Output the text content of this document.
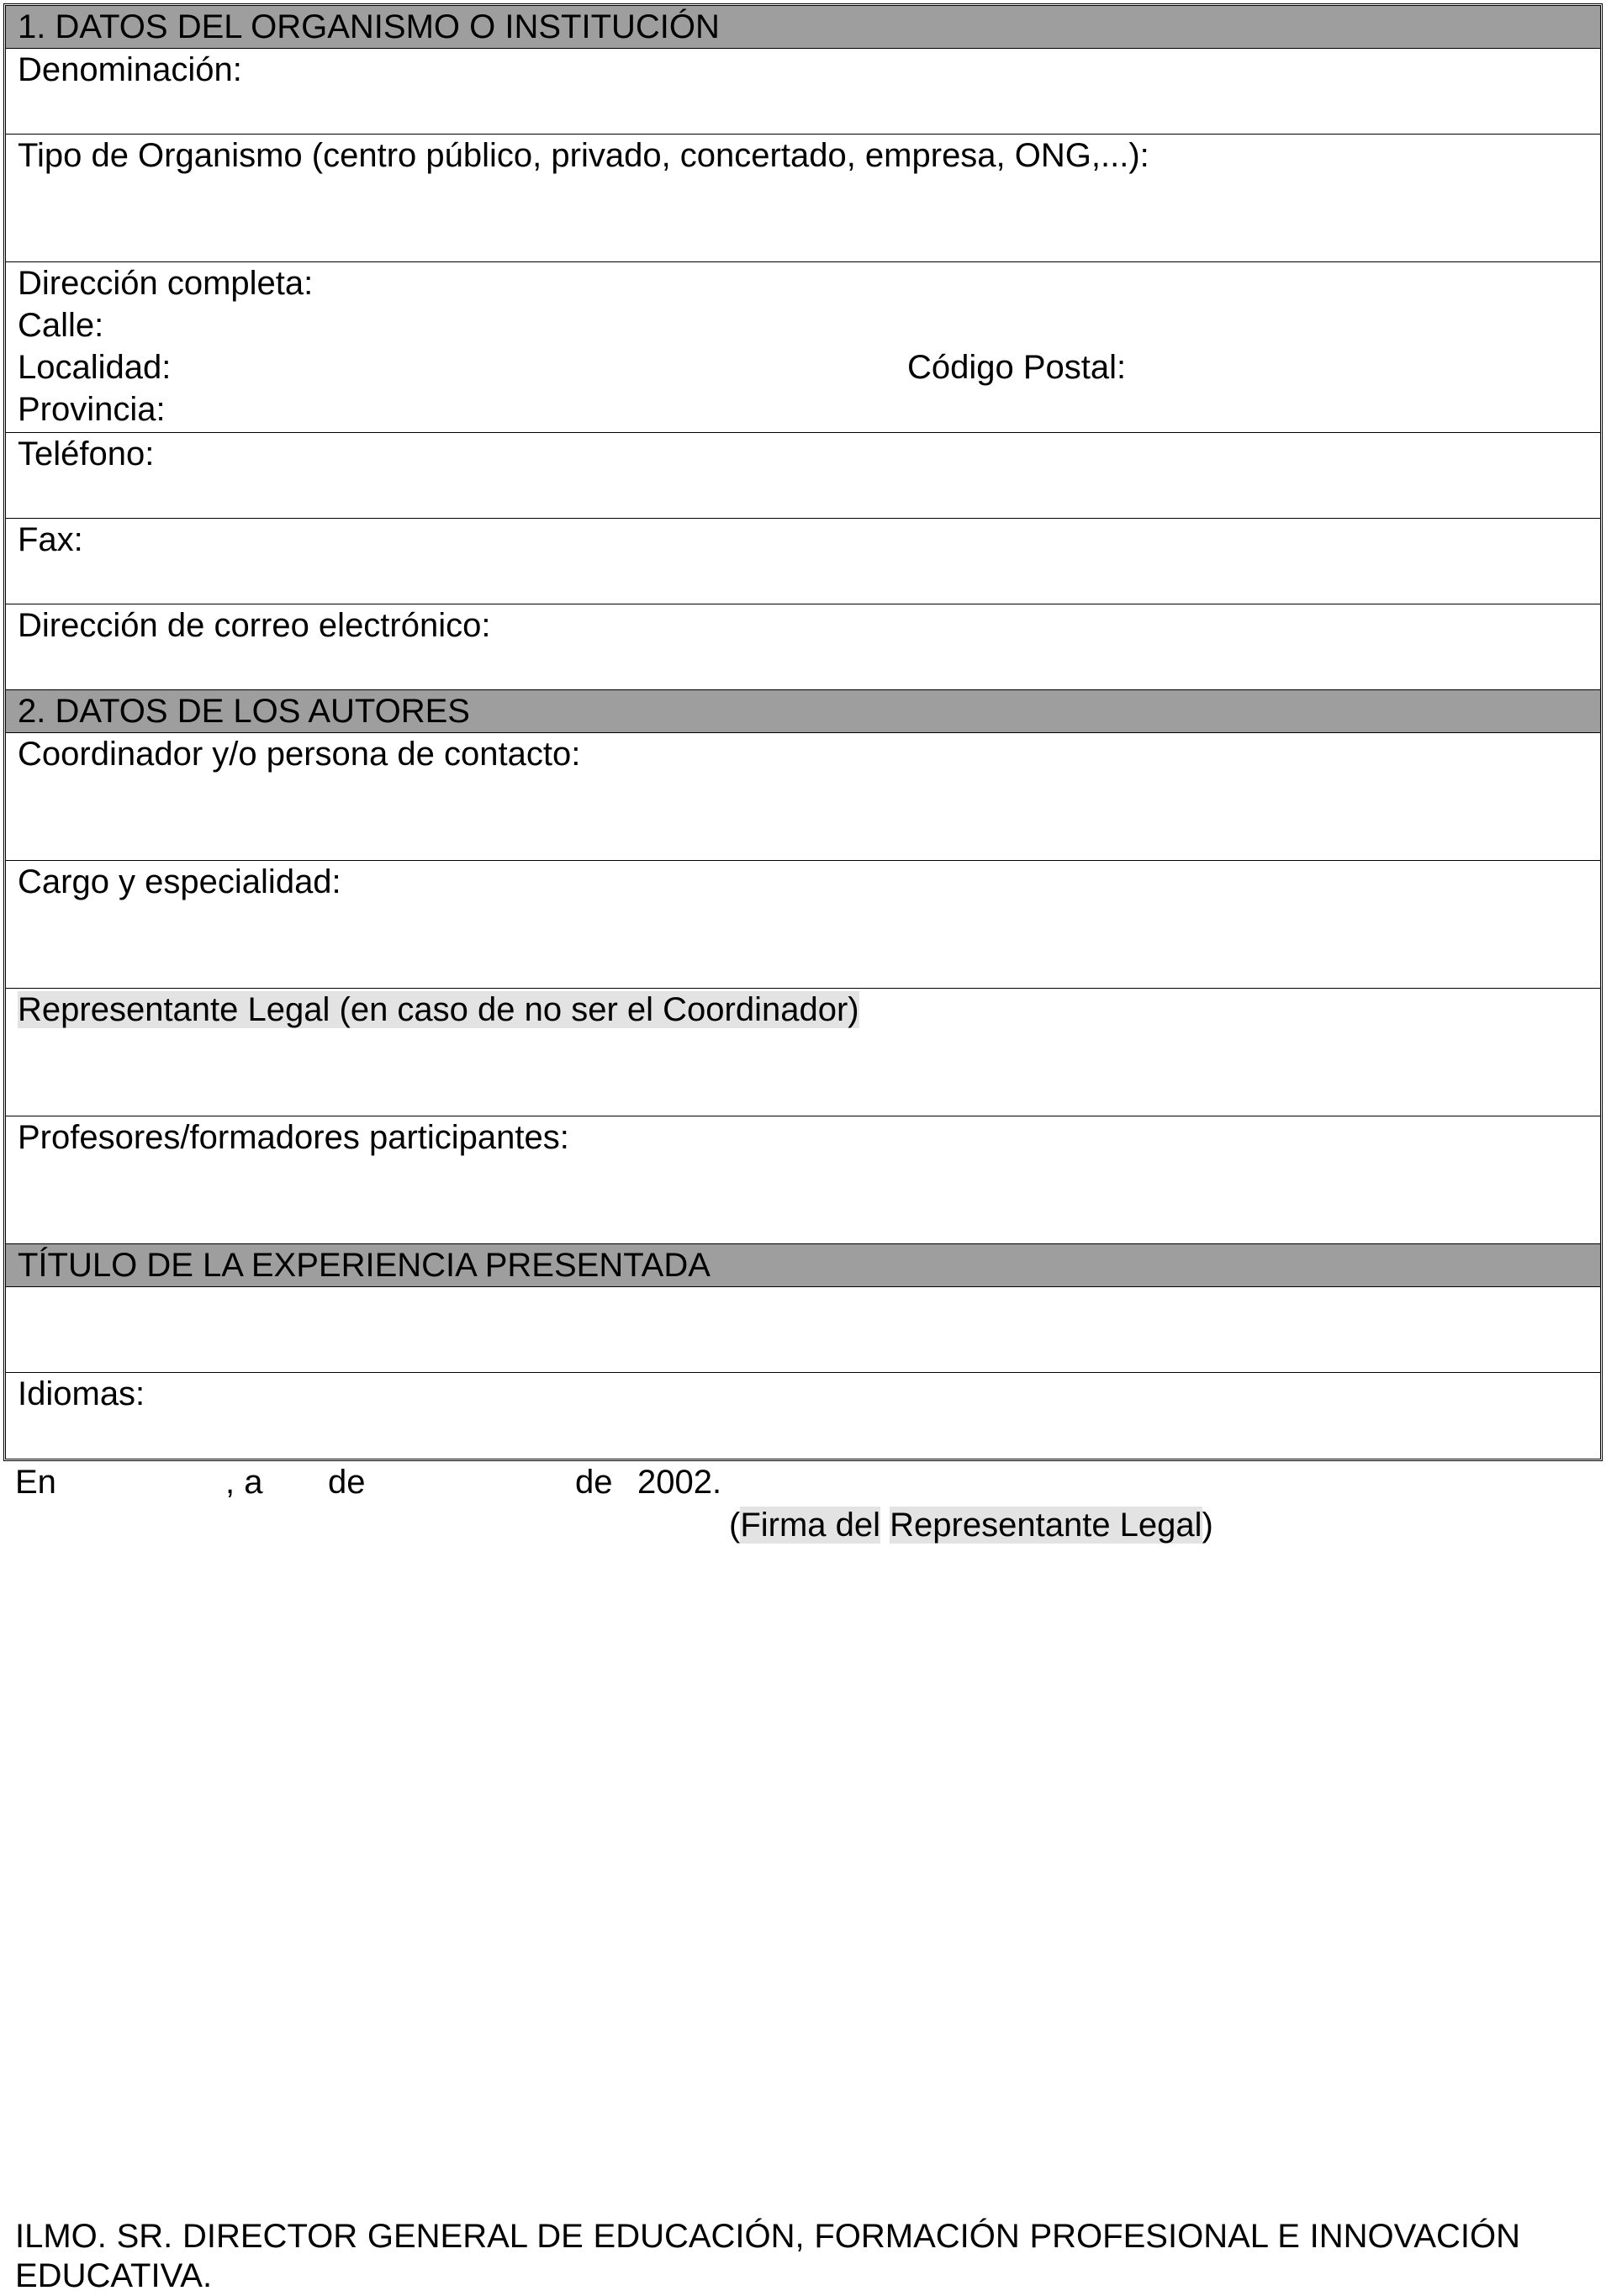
1. DATOS DEL ORGANISMO O INSTITUCIÓN
Denominación:
Tipo de Organismo (centro público, privado, concertado, empresa, ONG,...):
Dirección completa:
Calle:
Localidad:	Código Postal:
Provincia:
Teléfono:
Fax:
Dirección de correo electrónico:
2. DATOS DE LOS AUTORES
Coordinador y/o persona de contacto:
Cargo y especialidad:
Representante Legal (en caso de no ser el Coordinador)
Profesores/formadores participantes:
TÍTULO DE LA EXPERIENCIA PRESENTADA
Idiomas:
En	, a de	de 2002.
(Firma del Representante Legal)
ILMO. SR. DIRECTOR GENERAL DE EDUCACIÓN, FORMACIÓN PROFESIONAL E INNOVACIÓN EDUCATIVA.
